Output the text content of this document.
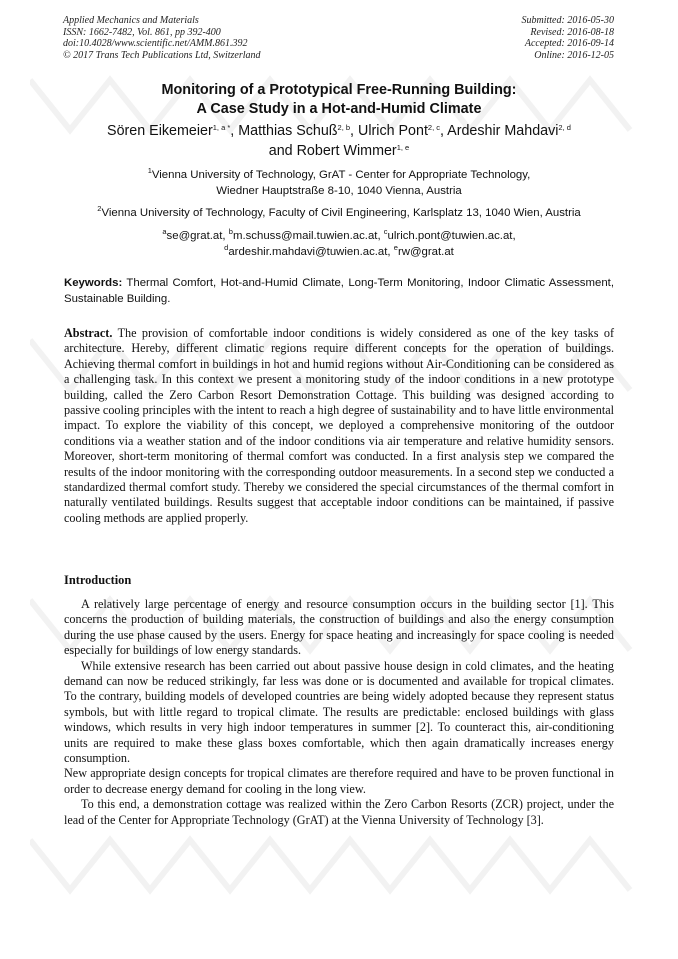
Applied Mechanics and Materials
ISSN: 1662-7482, Vol. 861, pp 392-400
doi:10.4028/www.scientific.net/AMM.861.392
© 2017 Trans Tech Publications Ltd, Switzerland
Submitted: 2016-05-30
Revised: 2016-08-18
Accepted: 2016-09-14
Online: 2016-12-05
Monitoring of a Prototypical Free-Running Building:
A Case Study in a Hot-and-Humid Climate
Sören Eikemeier$^{1, a *}$, Matthias Schuß$^{2, b}$, Ulrich Pont$^{2, c}$, Ardeshir Mahdavi$^{2, d}$
and Robert Wimmer$^{1, e}$
$^1$Vienna University of Technology, GrAT - Center for Appropriate Technology,
Wiedner Hauptstraße 8-10, 1040 Vienna, Austria
$^2$Vienna University of Technology, Faculty of Civil Engineering, Karlsplatz 13, 1040 Wien, Austria
$^a$se@grat.at, $^b$m.schuss@mail.tuwien.ac.at, $^c$ulrich.pont@tuwien.ac.at,
$^d$ardeshir.mahdavi@tuwien.ac.at, $^e$rw@grat.at
Keywords: Thermal Comfort, Hot-and-Humid Climate, Long-Term Monitoring, Indoor Climatic Assessment, Sustainable Building.
Abstract. The provision of comfortable indoor conditions is widely considered as one of the key tasks of architecture. Hereby, different climatic regions require different concepts for the operation of buildings. Achieving thermal comfort in buildings in hot and humid regions without Air-Conditioning can be considered as a challenging task. In this context we present a monitoring study of the indoor conditions in a new prototype building, called the Zero Carbon Resort Demonstration Cottage. This building was designed according to passive cooling principles with the intent to reach a high degree of sustainability and to have little environmental impact. To explore the viability of this concept, we deployed a comprehensive monitoring of the outdoor conditions via a weather station and of the indoor conditions via air temperature and relative humidity sensors. Moreover, short-term monitoring of thermal comfort was conducted. In a first analysis step we compared the results of the indoor monitoring with the corresponding outdoor measurements. In a second step we conducted a standardized thermal comfort study. Thereby we considered the special circumstances of the thermal comfort in naturally ventilated buildings. Results suggest that acceptable indoor conditions can be maintained, if passive cooling methods are applied properly.
Introduction

A relatively large percentage of energy and resource consumption occurs in the building sector [1]. This concerns the production of building materials, the construction of buildings and also the energy consumption during the use phase caused by the users. Energy for space heating and increasingly for space cooling is needed especially for buildings of low energy standards.

While extensive research has been carried out about passive house design in cold climates, and the heating demand can now be reduced strikingly, far less was done or is documented and available for tropical climates. To the contrary, building models of developed countries are being widely adopted because they represent status symbols, but with little regard to tropical climate. The results are predictable: enclosed buildings with glass windows, which results in very high indoor temperatures in summer [2]. To counteract this, air-conditioning units are required to make these glass boxes comfortable, which then again dramatically increases energy consumption.

New appropriate design concepts for tropical climates are therefore required and have to be proven functional in order to decrease energy demand for cooling in the long view.

To this end, a demonstration cottage was realized within the Zero Carbon Resorts (ZCR) project, under the lead of the Center for Appropriate Technology (GrAT) at the Vienna University of Technology [3].
